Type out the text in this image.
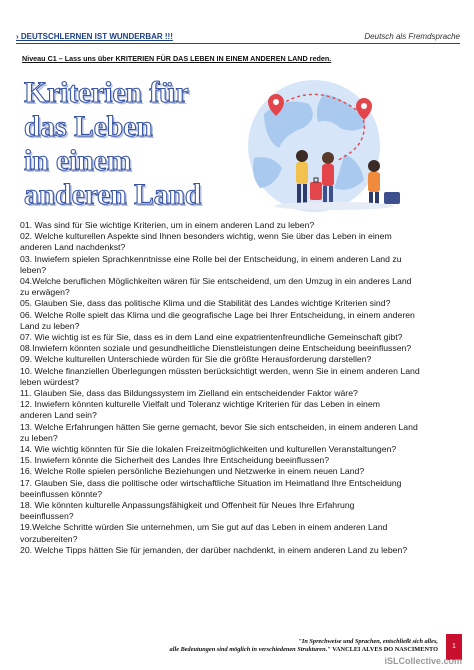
› DEUTSCHLERNEN IST WUNDERBAR !!!	Deutsch als Fremdsprache
Niveau C1 – Lass uns über KRITERIEN FÜR DAS LEBEN IN EINEM ANDEREN LAND reden.
Kriterien für
das Leben
in einem
anderen Land
01. Was sind für Sie wichtige Kriterien, um in einem anderen Land zu leben?
02. Welche kulturellen Aspekte sind Ihnen besonders wichtig, wenn Sie über das Leben in einem
anderen Land nachdenkst?
03. Inwiefern spielen Sprachkenntnisse eine Rolle bei der Entscheidung, in einem anderen Land zu
leben?
04.Welche beruflichen Möglichkeiten wären für Sie entscheidend, um den Umzug in ein anderes Land
zu erwägen?
05. Glauben Sie, dass das politische Klima und die Stabilität des Landes wichtige Kriterien sind?
06. Welche Rolle spielt das Klima und die geografische Lage bei Ihrer Entscheidung, in einem anderen
Land zu leben?
07. Wie wichtig ist es für Sie, dass es in dem Land eine expatrientenfreundliche Gemeinschaft gibt?
08.Inwiefern könnten soziale und gesundheitliche Dienstleistungen deine Entscheidung beeinflussen?
09. Welche kulturellen Unterschiede würden für Sie die größte Herausforderung darstellen?
10. Welche finanziellen Überlegungen müssten berücksichtigt werden, wenn Sie in einem anderen Land
leben würdest?
11. Glauben Sie, dass das Bildungssystem im Zielland ein entscheidender Faktor wäre?
12. Inwiefern könnten kulturelle Vielfalt und Toleranz wichtige Kriterien für das Leben in einem
anderen Land sein?
13. Welche Erfahrungen hätten Sie gerne gemacht, bevor Sie sich entscheiden, in einem anderen Land
zu leben?
14. Wie wichtig könnten für Sie die lokalen Freizeitmöglichkeiten und kulturellen Veranstaltungen?
15. Inwiefern könnte die Sicherheit des Landes Ihre Entscheidung beeinflussen?
16. Welche Rolle spielen persönliche Beziehungen und Netzwerke in einem neuen Land?
17. Glauben Sie, dass die politische oder wirtschaftliche Situation im Heimatland Ihre Entscheidung
beeinflussen könnte?
18. Wie könnten kulturelle Anpassungsfähigkeit und Offenheit für Neues Ihre Erfahrung
beeinflussen?
19.Welche Schritte würden Sie unternehmen, um Sie gut auf das Leben in einem anderen Land
vorzubereiten?
20. Welche Tipps hätten Sie für jemanden, der darüber nachdenkt, in einem anderen Land zu leben?
"In Sprechweise und Sprachen, entschließt sich alles,
alle Bedeutungen sind möglich in verschiedenen Strukturen." VANCLEI ALVES DO NASCIMENTO	1
iSLCollective.com
